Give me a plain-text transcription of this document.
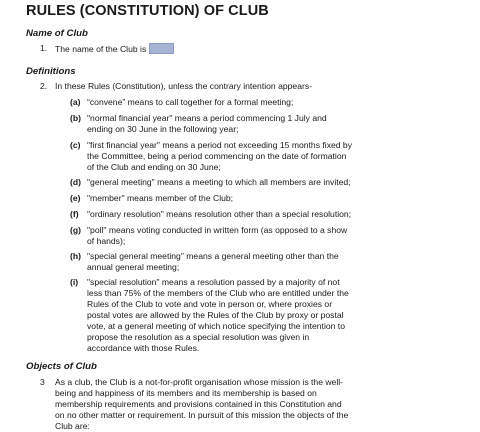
RULES (CONSTITUTION) OF CLUB
Name of Club
1. The name of the Club is
Definitions
2. In these Rules (Constitution), unless the contrary intention appears-
(a) “convene” means to call together for a formal meeting;
(b) "normal financial year" means a period commencing 1 July and
ending on 30 June in the following year;
(c) "first financial year" means a period not exceeding 15 months fixed by
the Committee, being a period commencing on the date of formation
of the Club and ending on 30 June;
(d) "general meeting" means a meeting to which all members are invited;
(e) "member" means member of the Club;
(f) "ordinary resolution" means resolution other than a special resolution;
(g) "poll" means voting conducted in written form (as opposed to a show
of hands);
(h) "special general meeting" means a general meeting other than the
annual general meeting;
(i) "special resolution" means a resolution passed by a majority of not
less than 75% of the members of the Club who are entitled under the
Rules of the Club to vote and vote in person or, where proxies or
postal votes are allowed by the Rules of the Club by proxy or postal
vote, at a general meeting of which notice specifying the intention to
propose the resolution as a special resolution was given in
accordance with those Rules.
Objects of Club
3 As a club, the Club is a not-for-profit organisation whose mission is the well-
being and happiness of its members and its membership is based on
membership requirements and provisions contained in this Constitution and
on no other matter or requirement. In pursuit of this mission the objects of the
Club are:
